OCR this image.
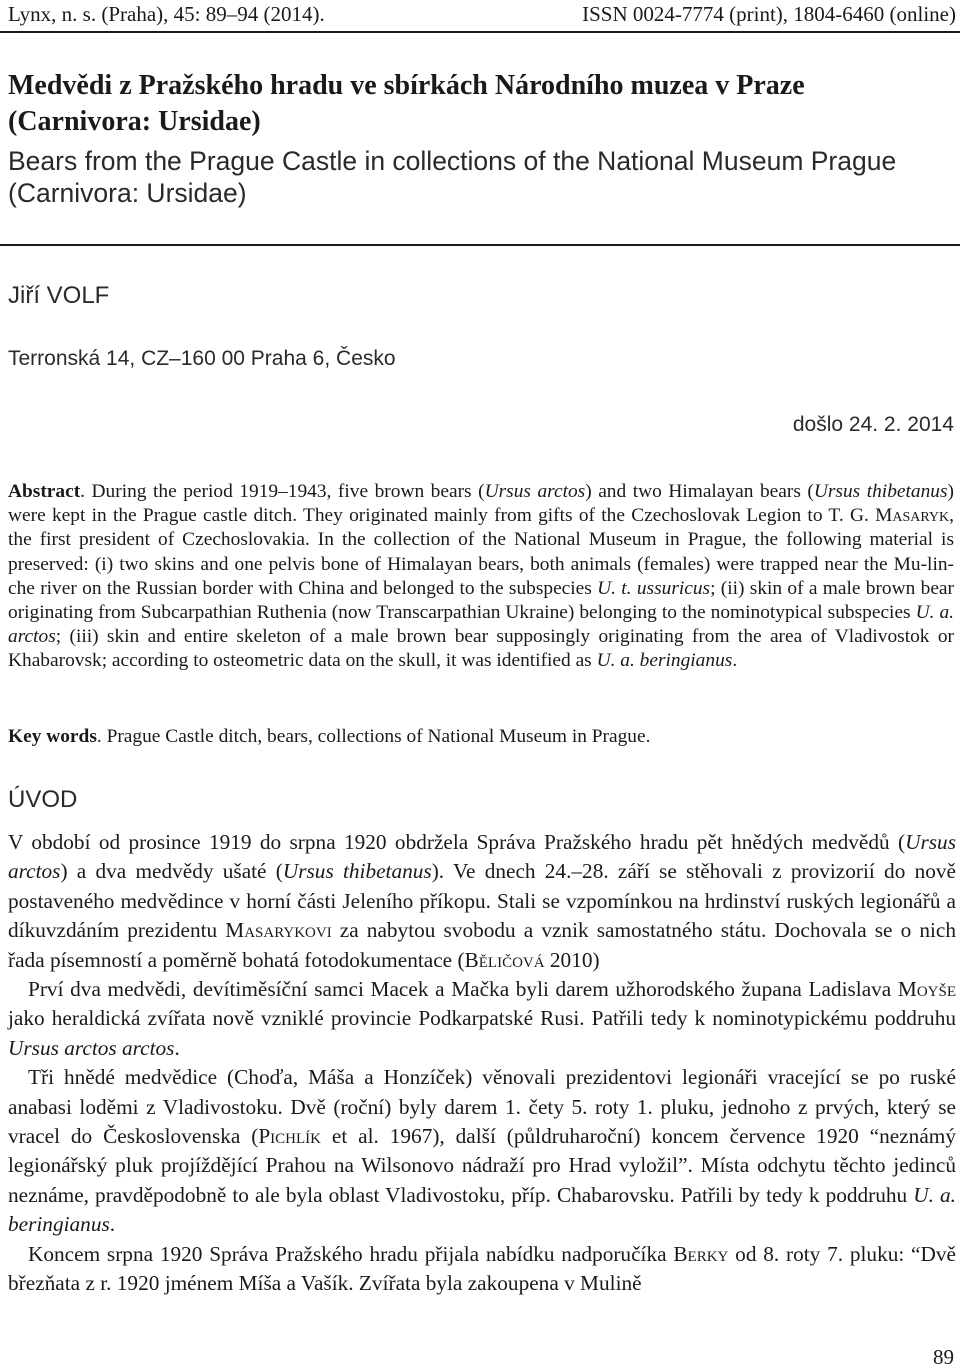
Lynx, n. s. (Praha), 45: 89–94 (2014).	ISSN 0024-7774 (print), 1804-6460 (online)
Medvědi z Pražského hradu ve sbírkách Národního muzea v Praze (Carnivora: Ursidae)
Bears from the Prague Castle in collections of the National Museum Prague (Carnivora: Ursidae)
Jiří VOLF
Terronská 14, CZ–160 00 Praha 6, Česko
došlo 24. 2. 2014

Abstract. During the period 1919–1943, five brown bears (Ursus arctos) and two Himalayan bears (Ursus thibetanus) were kept in the Prague castle ditch. They originated mainly from gifts of the Czechoslovak Legion to T. G. Masaryk, the first president of Czechoslovakia. In the collection of the National Museum in Prague, the following material is preserved: (i) two skins and one pelvis bone of Himalayan bears, both animals (females) were trapped near the Mu-lin-che river on the Russian border with China and belonged to the subspecies U. t. ussuricus; (ii) skin of a male brown bear originating from Subcarpathian Ruthenia (now Transcarpathian Ukraine) belonging to the nominotypical subspecies U. a. arctos; (iii) skin and entire skeleton of a male brown bear supposingly originating from the area of Vladivostok or Khabarovsk; according to osteometric data on the skull, it was identified as U. a. beringianus.

Key words. Prague Castle ditch, bears, collections of National Museum in Prague.
ÚVOD

V období od prosince 1919 do srpna 1920 obdržela Správa Pražského hradu pět hnědých medvědů (Ursus arctos) a dva medvědy ušaté (Ursus thibetanus). Ve dnech 24.–28. září se stěhovali z provizorií do nově postaveného medvědince v horní části Jeleního příkopu. Stali se vzpomínkou na hrdinství ruských legionářů a díkuvzdáním prezidentu Masarykovi za nabytou svobodu a vznik samostatného státu. Dochovala se o nich řada písemností a poměrně bohatá fotodokumentace (Běličová 2010)

Prví dva medvědi, devítiměsíční samci Macek a Mačka byli darem užhorodského župana Ladislava Moyše jako heraldická zvířata nově vzniklé provincie Podkarpatské Rusi. Patřili tedy k nominotypickému poddruhu Ursus arctos arctos.

Tři hnědé medvědice (Choďa, Máša a Honzíček) věnovali prezidentovi legionáři vracející se po ruské anabasi loděmi z Vladivostoku. Dvě (roční) byly darem 1. čety 5. roty 1. pluku, jednoho z prvých, který se vracel do Československa (Pichlík et al. 1967), další (půldruharoční) koncem července 1920 “neznámý legionářský pluk projíždějící Prahou na Wilsonovo nádraží pro Hrad vyložil”. Místa odchytu těchto jedinců neznáme, pravděpodobně to ale byla oblast Vladivostoku, příp. Chabarovsku. Patřili by tedy k poddruhu U. a. beringianus.

Koncem srpna 1920 Správa Pražského hradu přijala nabídku nadporučíka Berky od 8. roty 7. pluku: “Dvě březňata z r. 1920 jménem Míša a Vašík. Zvířata byla zakoupena v Mulině

89
